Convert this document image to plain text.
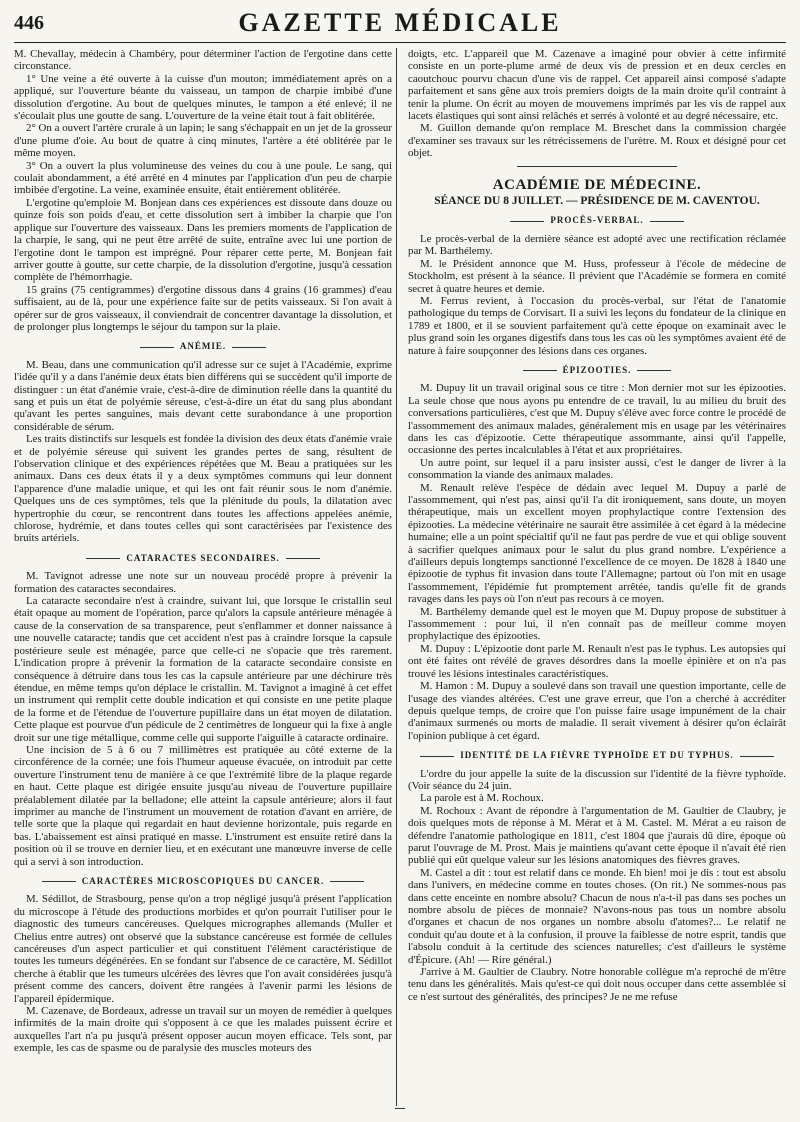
446	GAZETTE MÉDICALE

M. Chevallay, médecin à Chambéry, pour déterminer l'action de l'ergotine dans cette circonstance.

1° Une veine a été ouverte à la cuisse d'un mouton; immédiatement après on a appliqué, sur l'ouverture béante du vaisseau, un tampon de charpie imbibé d'une dissolution d'ergotine. Au bout de quelques minutes, le tampon a été enlevé; il ne s'écoulait plus une goutte de sang. L'ouverture de la veine était tout à fait oblitérée.

2° On a ouvert l'artère crurale à un lapin; le sang s'échappait en un jet de la grosseur d'une plume d'oie. Au bout de quatre à cinq minutes, l'artère a été oblitérée par le même moyen.

3° On a ouvert la plus volumineuse des veines du cou à une poule. Le sang, qui coulait abondamment, a été arrêté en 4 minutes par l'application d'un peu de charpie imbibée d'ergotine. La veine, examinée ensuite, était entièrement oblitérée.

L'ergotine qu'emploie M. Bonjean dans ces expériences est dissoute dans douze ou quinze fois son poids d'eau, et cette dissolution sert à imbiber la charpie que l'on applique sur l'ouverture des vaisseaux. Dans les premiers moments de l'application de la charpie, le sang, qui ne peut être arrêté de suite, entraîne avec lui une portion de l'ergotine dont le tampon est imprégné. Pour réparer cette perte, M. Bonjean fait arriver goutte à goutte, sur cette charpie, de la dissolution d'ergotine, jusqu'à cessation complète de l'hémorrhagie.

15 grains (75 centigrammes) d'ergotine dissous dans 4 grains (16 grammes) d'eau suffisaient, au de là, pour une expérience faite sur de petits vaisseaux. Si l'on avait à opérer sur de gros vaisseaux, il conviendrait de concentrer davantage la dissolution, et de prolonger plus longtemps le séjour du tampon sur la plaie.

ANÉMIE.

M. Beau, dans une communication qu'il adresse sur ce sujet à l'Académie, exprime l'idée qu'il y a dans l'anémie deux états bien différens qui se succèdent qu'il importe de distinguer : un état d'anémie vraie, c'est-à-dire de diminution réelle dans la quantité du sang et puis un état de polyémie séreuse, c'est-à-dire un état du sang plus abondant qu'avant les pertes sanguines, mais devant cette surabondance à une proportion considérable de sérum.

Les traits distinctifs sur lesquels est fondée la division des deux états d'anémie vraie et de polyémie séreuse qui suivent les grandes pertes de sang, résultent de l'observation clinique et des expériences répétées que M. Beau a pratiquées sur les animaux. Dans ces deux états il y a deux symptômes communs qui leur donnent l'apparence d'une maladie unique, et qui les ont fait réunir sous le nom d'anémie. Quelques uns de ces symptômes, tels que la plénitude du pouls, la dilatation avec hypertrophie du cœur, se rencontrent dans toutes les affections appelées anémie, chlorose, hydrémie, et dans toutes celles qui sont caractérisées par l'existence des bruits artériels.

CATARACTES SECONDAIRES.

M. Tavignot adresse une note sur un nouveau procédé propre à prévenir la formation des cataractes secondaires.

La cataracte secondaire n'est à craindre, suivant lui, que lorsque le cristallin seul était opaque au moment de l'opération, parce qu'alors la capsule antérieure ménagée à cause de la conservation de sa transparence, peut s'enflammer et donner naissance à une nouvelle cataracte; tandis que cet accident n'est pas à craindre lorsque la capsule postérieure seule est ménagée, parce que celle-ci ne s'opacie que très rarement. L'indication propre à prévenir la formation de la cataracte secondaire consiste en conséquence à détruire dans tous les cas la capsule antérieure par une déchirure très étendue, en même temps qu'on déplace le cristallin. M. Tavignot a imaginé à cet effet un instrument qui remplit cette double indication et qui consiste en une petite plaque de la forme et de l'étendue de l'ouverture pupillaire dans un état moyen de dilatation. Cette plaque est pourvue d'un pédicule de 2 centimètres de longueur qui la fixe à angle droit sur une tige métallique, comme celle qui supporte l'aiguille à cataracte ordinaire.

Une incision de 5 à 6 ou 7 millimètres est pratiquée au côté externe de la circonférence de la cornée; une fois l'humeur aqueuse évacuée, on introduit par cette ouverture l'instrument tenu de manière à ce que l'extrémité libre de la plaque regarde en haut. Cette plaque est dirigée ensuite jusqu'au niveau de l'ouverture pupillaire préalablement dilatée par la belladone; elle atteint la capsule antérieure; alors il faut imprimer au manche de l'instrument un mouvement de rotation d'avant en arrière, de telle sorte que la plaque qui regardait en haut devienne horizontale, puis regarde en bas. L'abaissement est ainsi pratiqué en masse. L'instrument est ensuite retiré dans la position où il se trouve en dernier lieu, et en exécutant une manœuvre inverse de celle qui a servi à son introduction.

CARACTÈRES MICROSCOPIQUES DU CANCER.

M. Sédillot, de Strasbourg, pense qu'on a trop négligé jusqu'à présent l'application du microscope à l'étude des productions morbides et qu'on pourrait l'utiliser pour le diagnostic des tumeurs cancéreuses. Quelques micrographes allemands (Muller et Chelius entre autres) ont observé que la substance cancéreuse est formée de cellules cancéreuses d'un aspect particulier et qui constituent l'élément caractéristique de toutes les tumeurs dégénérées. En se fondant sur l'absence de ce caractère, M. Sédillot cherche à établir que les tumeurs ulcérées des lèvres que l'on avait considérées jusqu'à présent comme des cancers, doivent être rangées à l'avenir parmi les lésions de l'appareil épidermique.

M. Cazenave, de Bordeaux, adresse un travail sur un moyen de remédier à quelques infirmités de la main droite qui s'opposent à ce que les malades puissent écrire et auxquelles l'art n'a pu jusqu'à présent opposer aucun moyen efficace. Tels sont, par exemple, les cas de spasme ou de paralysie des muscles moteurs des

doigts, etc. L'appareil que M. Cazenave a imaginé pour obvier à cette infirmité consiste en un porte-plume armé de deux vis de pression et en deux cercles en caoutchouc pourvu chacun d'une vis de rappel. Cet appareil ainsi composé s'adapte parfaitement et sans gêne aux trois premiers doigts de la main droite qu'il contraint à tenir la plume. On écrit au moyen de mouvemens imprimés par les vis de rappel aux lacets élastiques qui sont ainsi relâchés et serrés à volonté et au degré nécessaire, etc.

M. Guillon demande qu'on remplace M. Breschet dans la commission chargée d'examiner ses travaux sur les rétrécissemens de l'urètre. M. Roux et désigné pour cet objet.

ACADÉMIE DE MÉDECINE.
SÉANCE DU 8 JUILLET. — PRÉSIDENCE DE M. CAVENTOU.
PROCÈS-VERBAL.

Le procès-verbal de la dernière séance est adopté avec une rectification réclamée par M. Barthélemy.

M. le Président annonce que M. Huss, professeur à l'école de médecine de Stockholm, est présent à la séance. Il prévient que l'Académie se formera en comité secret à quatre heures et demie.

M. Ferrus revient, à l'occasion du procès-verbal, sur l'état de l'anatomie pathologique du temps de Corvisart. Il a suivi les leçons du fondateur de la clinique en 1789 et 1800, et il se souvient parfaitement qu'à cette époque on examinait avec le plus grand soin les organes digestifs dans tous les cas où les symptômes avaient été de nature à faire soupçonner des lésions dans ces organes.

ÉPIZOOTIES.

M. Dupuy lit un travail original sous ce titre : Mon dernier mot sur les épizooties. La seule chose que nous ayons pu entendre de ce travail, lu au milieu du bruit des conversations particulières, c'est que M. Dupuy s'élève avec force contre le procédé de l'assommement des animaux malades, généralement mis en usage par les vétérinaires dans les cas d'épizootie. Cette thérapeutique assommante, ainsi qu'il l'appelle, occasionne des pertes incalculables à l'état et aux propriétaires.

Un autre point, sur lequel il a paru insister aussi, c'est le danger de livrer à la consommation la viande des animaux malades.

M. Renault relève l'espèce de dédain avec lequel M. Dupuy a parlé de l'assommement, qui n'est pas, ainsi qu'il l'a dit ironiquement, sans doute, un moyen thérapeutique, mais un excellent moyen prophylactique contre l'extension des épizooties. La médecine vétérinaire ne saurait être assimilée à cet égard à la médecine humaine; elle a un point spécialtif qu'il ne faut pas perdre de vue et qui oblige souvent à sacrifier quelques animaux pour le salut du plus grand nombre. L'expérience a d'ailleurs depuis longtemps sanctionné l'excellence de ce moyen. De 1828 à 1840 une épizootie de typhus fit invasion dans toute l'Allemagne; partout où l'on mit en usage l'assommement, l'épidémie fut promptement arrêtée, tandis qu'elle fit de grands ravages dans les pays où l'on n'eut pas recours à ce moyen.

M. Barthélemy demande quel est le moyen que M. Dupuy propose de substituer à l'assommement : pour lui, il n'en connaît pas de meilleur comme moyen prophylactique des épizooties.

M. Dupuy : L'épizootie dont parle M. Renault n'est pas le typhus. Les autopsies qui ont été faites ont révélé de graves désordres dans la moelle épinière et on n'a pas trouvé les lésions intestinales caractéristiques.

M. Hamon : M. Dupuy a soulevé dans son travail une question importante, celle de l'usage des viandes altérées. C'est une grave erreur, que l'on a cherché à accréditer depuis quelque temps, de croire que l'on puisse faire usage impunément de la chair d'animaux surmenés ou morts de maladie. Il serait vivement à désirer qu'on éclairât l'opinion publique à cet égard.

IDENTITÉ DE LA FIÈVRE TYPHOÏDE ET DU TYPHUS.

L'ordre du jour appelle la suite de la discussion sur l'identité de la fièvre typhoïde. (Voir séance du 24 juin.

La parole est à M. Rochoux.

M. Rochoux : Avant de répondre à l'argumentation de M. Gaultier de Claubry, je dois quelques mots de réponse à M. Mérat et à M. Castel. M. Mérat a eu raison de défendre l'anatomie pathologique en 1811, c'est 1804 que j'aurais dû dire, époque où parut l'ouvrage de M. Prost. Mais je maintiens qu'avant cette époque il n'avait été rien publié qui eût quelque valeur sur les lésions anatomiques des fièvres graves.

M. Castel a dit : tout est relatif dans ce monde. Eh bien! moi je dis : tout est absolu dans l'univers, en médecine comme en toutes choses. (On rit.) Ne sommes-nous pas dans cette enceinte en nombre absolu? Chacun de nous n'a-t-il pas dans ses poches un nombre absolu de pièces de monnaie? N'avons-nous pas tous un nombre absolu d'organes et chacun de nos organes un nombre absolu d'atomes?... Le relatif ne conduit qu'au doute et à la confusion, il prouve la faiblesse de notre esprit, tandis que l'absolu conduit à la certitude des sciences naturelles; c'est d'ailleurs le système d'Épicure. (Ah! — Rire général.)

J'arrive à M. Gaultier de Claubry. Notre honorable collègue m'a reproché de m'être tenu dans les généralités. Mais qu'est-ce qui doit nous occuper dans cette assemblée si ce n'est surtout des généralités, des principes? Je ne me refuse
